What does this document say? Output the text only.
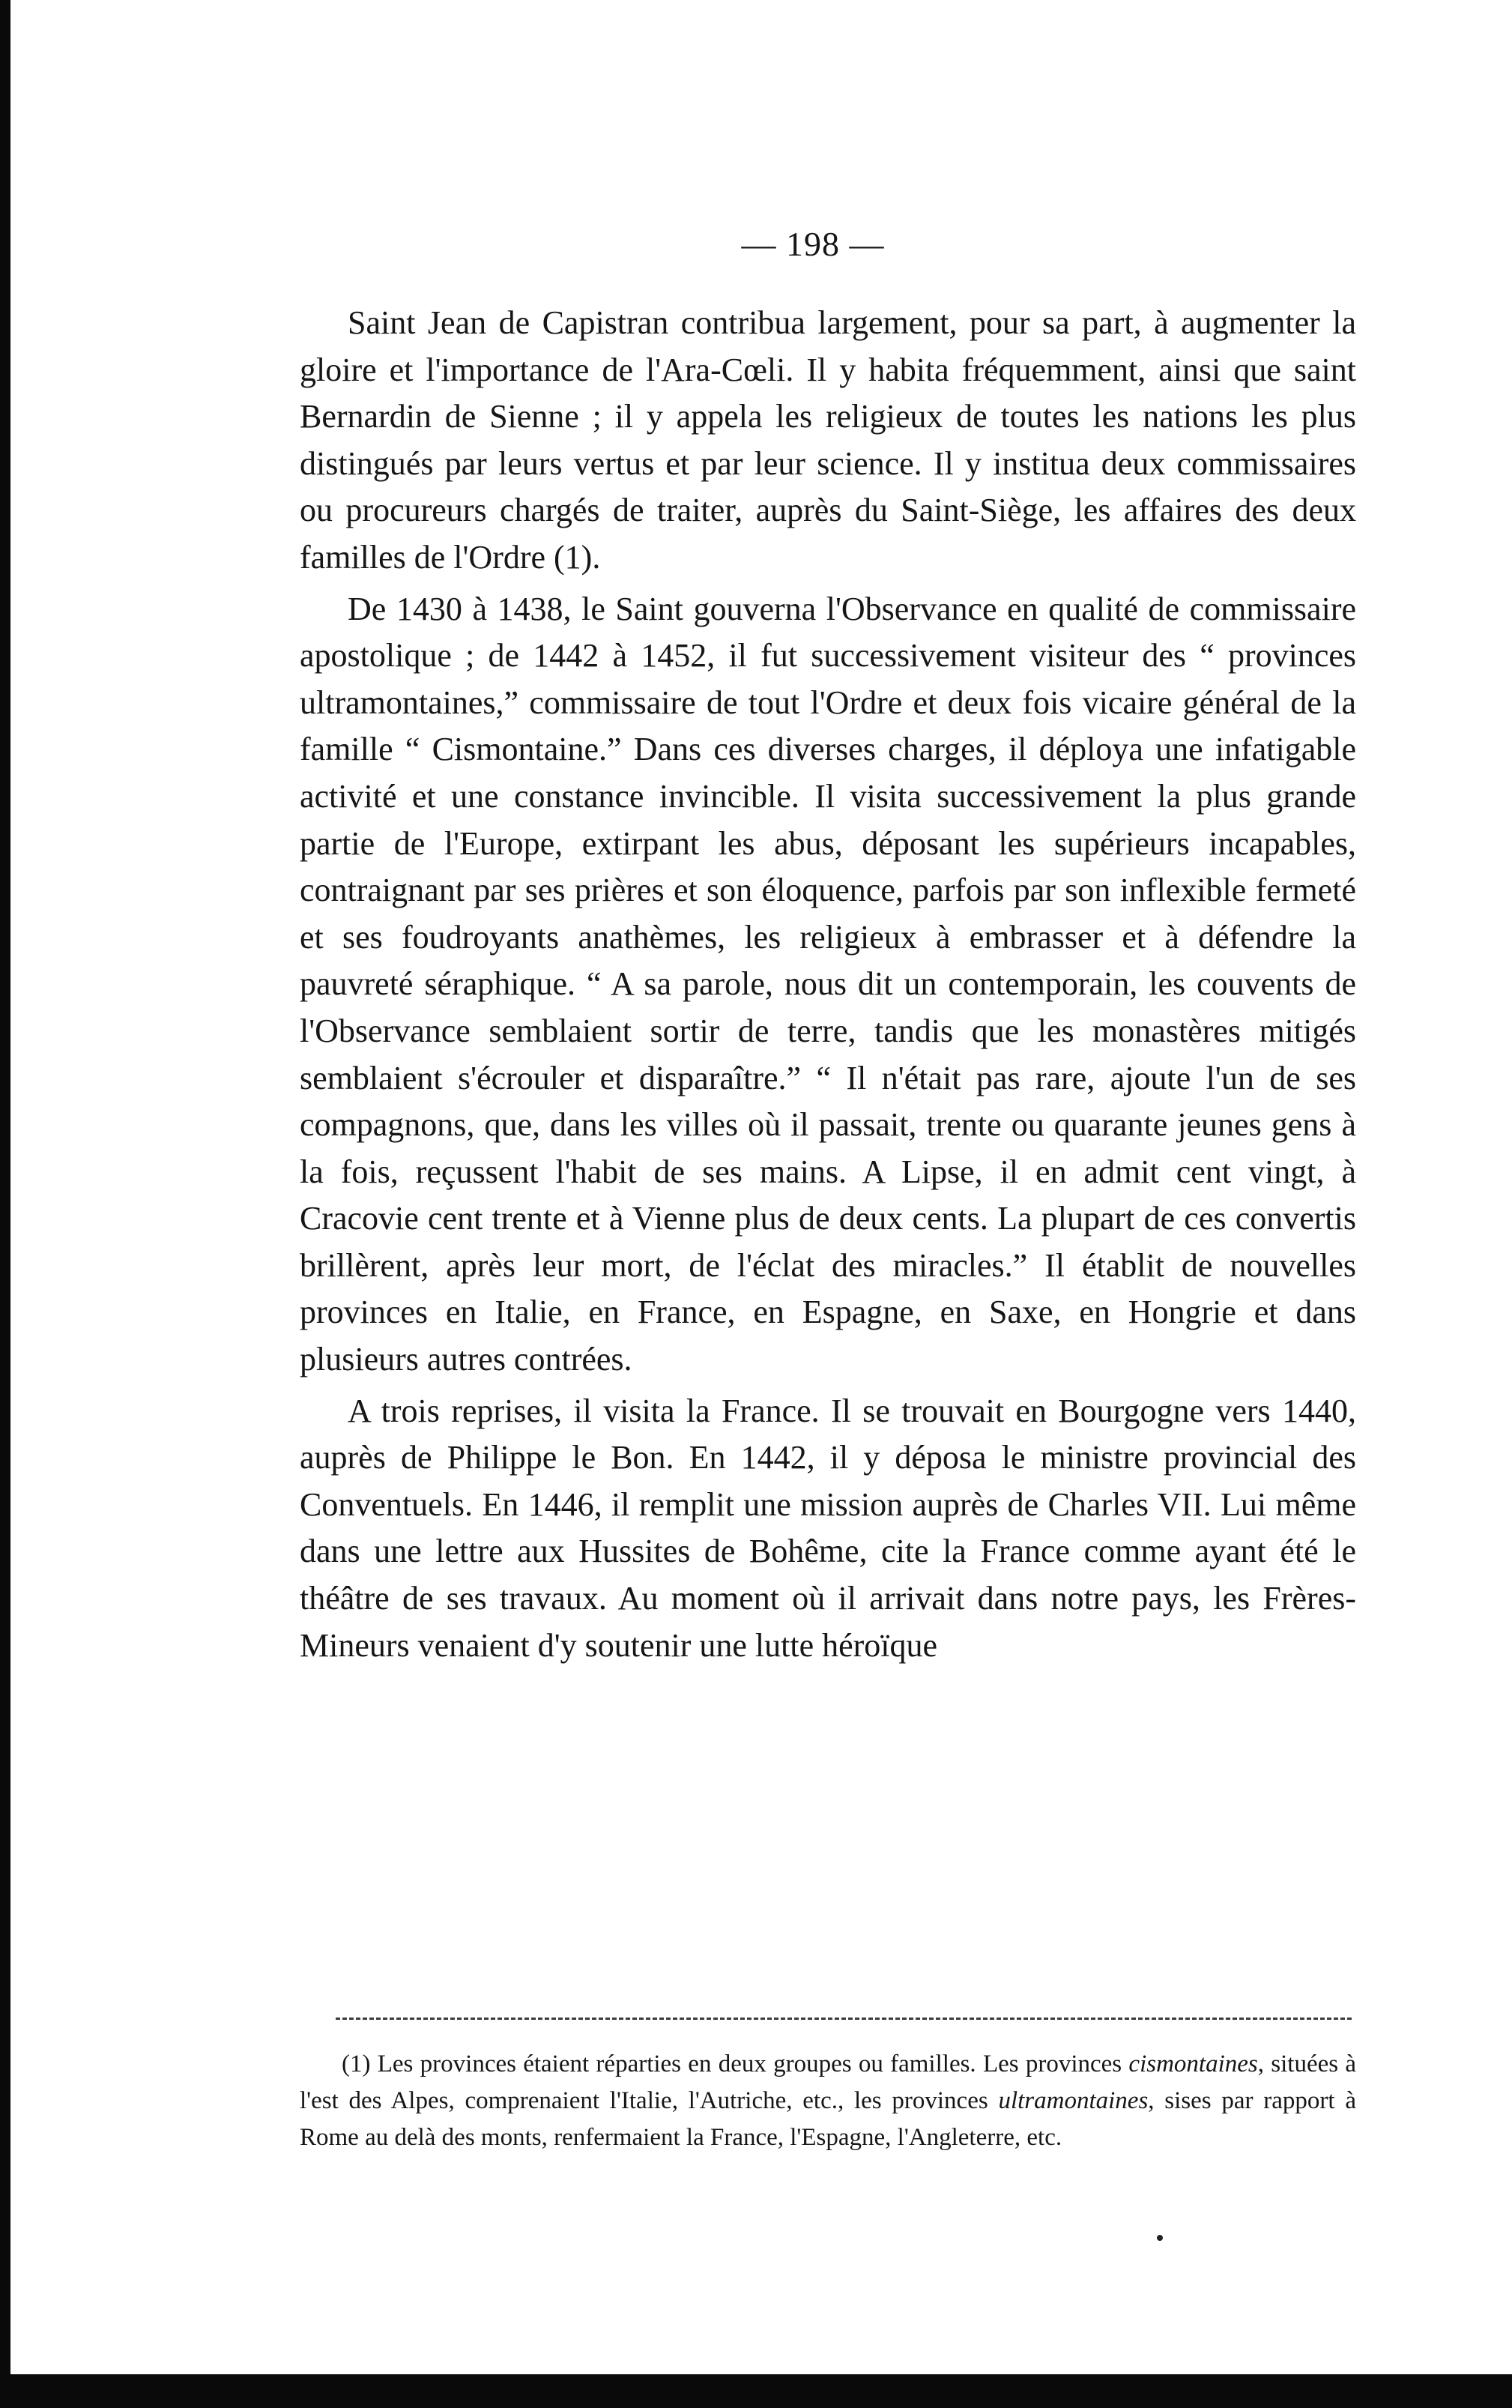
— 198 —

Saint Jean de Capistran contribua largement, pour sa part, à augmenter la gloire et l'importance de l'Ara-Cœli. Il y habita fréquemment, ainsi que saint Bernardin de Sienne ; il y appela les religieux de toutes les nations les plus distingués par leurs vertus et par leur science. Il y institua deux commissaires ou procureurs chargés de traiter, auprès du Saint-Siège, les affaires des deux familles de l'Ordre (1).

De 1430 à 1438, le Saint gouverna l'Observance en qualité de commissaire apostolique ; de 1442 à 1452, il fut successivement visiteur des “ provinces ultramontaines,” commissaire de tout l'Ordre et deux fois vicaire général de la famille “ Cismontaine.” Dans ces diverses charges, il déploya une infatigable activité et une constance invincible. Il visita successivement la plus grande partie de l'Europe, extirpant les abus, déposant les supérieurs incapables, contraignant par ses prières et son éloquence, parfois par son inflexible fermeté et ses foudroyants anathèmes, les religieux à embrasser et à défendre la pauvreté séraphique. “ A sa parole, nous dit un contemporain, les couvents de l'Observance semblaient sortir de terre, tandis que les monastères mitigés semblaient s'écrouler et disparaître.” “ Il n'était pas rare, ajoute l'un de ses compagnons, que, dans les villes où il passait, trente ou quarante jeunes gens à la fois, reçussent l'habit de ses mains. A Lipse, il en admit cent vingt, à Cracovie cent trente et à Vienne plus de deux cents. La plupart de ces convertis brillèrent, après leur mort, de l'éclat des miracles.” Il établit de nouvelles provinces en Italie, en France, en Espagne, en Saxe, en Hongrie et dans plusieurs autres contrées.

A trois reprises, il visita la France. Il se trouvait en Bourgogne vers 1440, auprès de Philippe le Bon. En 1442, il y déposa le ministre provincial des Conventuels. En 1446, il remplit une mission auprès de Charles VII. Lui même dans une lettre aux Hussites de Bohême, cite la France comme ayant été le théâtre de ses travaux. Au moment où il arrivait dans notre pays, les Frères-Mineurs venaient d'y soutenir une lutte héroïque

(1) Les provinces étaient réparties en deux groupes ou familles. Les provinces cismontaines, situées à l'est des Alpes, comprenaient l'Italie, l'Autriche, etc., les provinces ultramontaines, sises par rapport à Rome au delà des monts, renfermaient la France, l'Espagne, l'Angleterre, etc.
